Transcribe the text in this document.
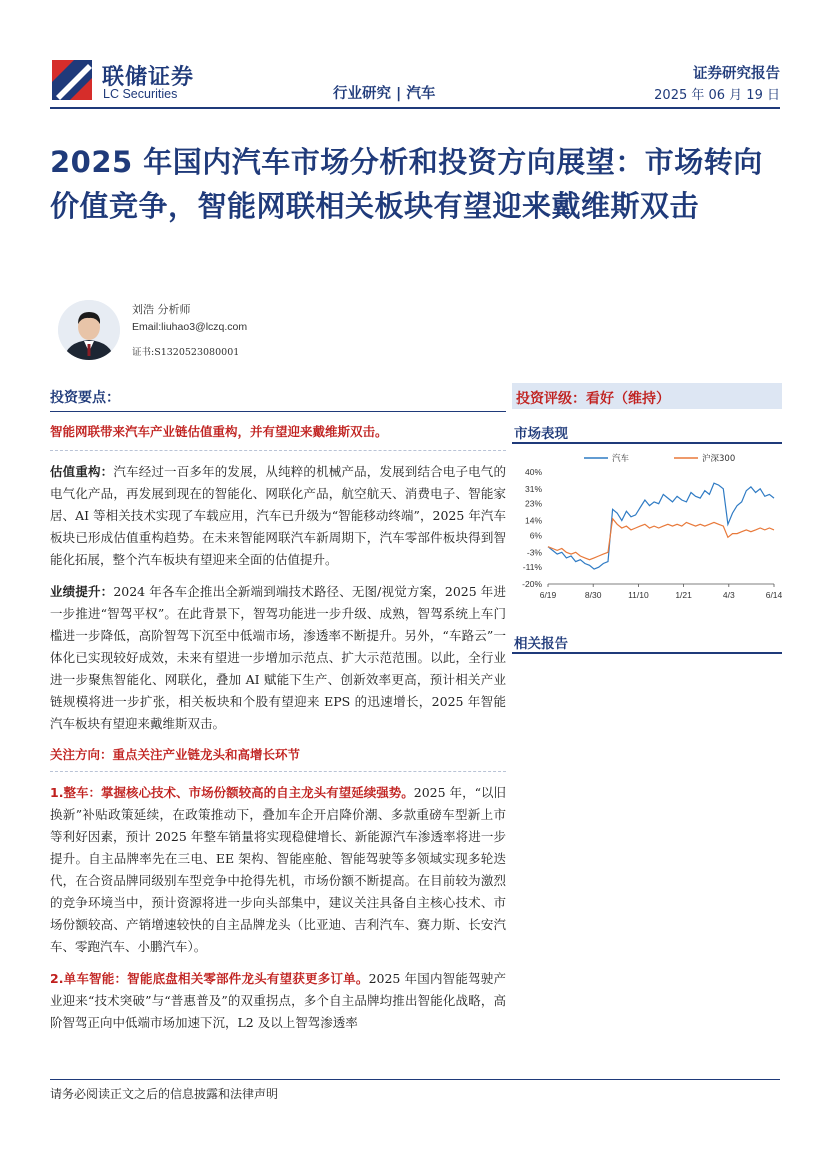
联储证券
LC Securities	行业研究 | 汽车
证券研究报告
2025 年 06 月 19 日
2025 年国内汽车市场分析和投资方向展望：市场转向价值竞争，智能网联相关板块有望迎来戴维斯双击
刘浩 分析师
Email:liuhao3@lczq.com
证书:S1320523080001
投资要点：
智能网联带来汽车产业链估值重构，并有望迎来戴维斯双击。

估值重构：汽车经过一百多年的发展，从纯粹的机械产品，发展到结合电子电气的电气化产品，再发展到现在的智能化、网联化产品，航空航天、消费电子、智能家居、AI 等相关技术实现了车载应用，汽车已升级为“智能移动终端”，2025 年汽车板块已形成估值重构趋势。在未来智能网联汽车新周期下，汽车零部件板块得到智能化拓展，整个汽车板块有望迎来全面的估值提升。

业绩提升：2024 年各车企推出全新端到端技术路径、无图/视觉方案，2025 年进一步推进“智驾平权”。在此背景下，智驾功能进一步升级、成熟，智驾系统上车门槛进一步降低，高阶智驾下沉至中低端市场，渗透率不断提升。另外，“车路云”一体化已实现较好成效，未来有望进一步增加示范点、扩大示范范围。以此，全行业进一步聚焦智能化、网联化，叠加 AI 赋能下生产、创新效率更高，预计相关产业链规模将进一步扩张，相关板块和个股有望迎来 EPS 的迅速增长，2025 年智能汽车板块有望迎来戴维斯双击。

关注方向：重点关注产业链龙头和高增长环节

1.整车：掌握核心技术、市场份额较高的自主龙头有望延续强势。2025 年，“以旧换新”补贴政策延续，在政策推动下，叠加车企开启降价潮、多款重磅车型新上市等利好因素，预计 2025 年整车销量将实现稳健增长、新能源汽车渗透率将进一步提升。自主品牌率先在三电、EE 架构、智能座舱、智能驾驶等多领域实现多轮迭代，在合资品牌同级别车型竞争中抢得先机，市场份额不断提高。在目前较为激烈的竞争环境当中，预计资源将进一步向头部集中，建议关注具备自主核心技术、市场份额较高、产销增速较快的自主品牌龙头（比亚迪、吉利汽车、赛力斯、长安汽车、零跑汽车、小鹏汽车）。

2.单车智能：智能底盘相关零部件龙头有望获更多订单。2025 年国内智能驾驶产业迎来“技术突破”与“普惠普及”的双重拐点，多个自主品牌均推出智能化战略，高阶智驾正向中低端市场加速下沉，L2 及以上智驾渗透率

投资评级：看好（维持）
市场表现
40%
31%
23%
14%
6%
-3%
-11%
-20%
6/19	8/30	11/10	1/21	4/3	6/14
汽车	沪深300
相关报告
请务必阅读正文之后的信息披露和法律声明
